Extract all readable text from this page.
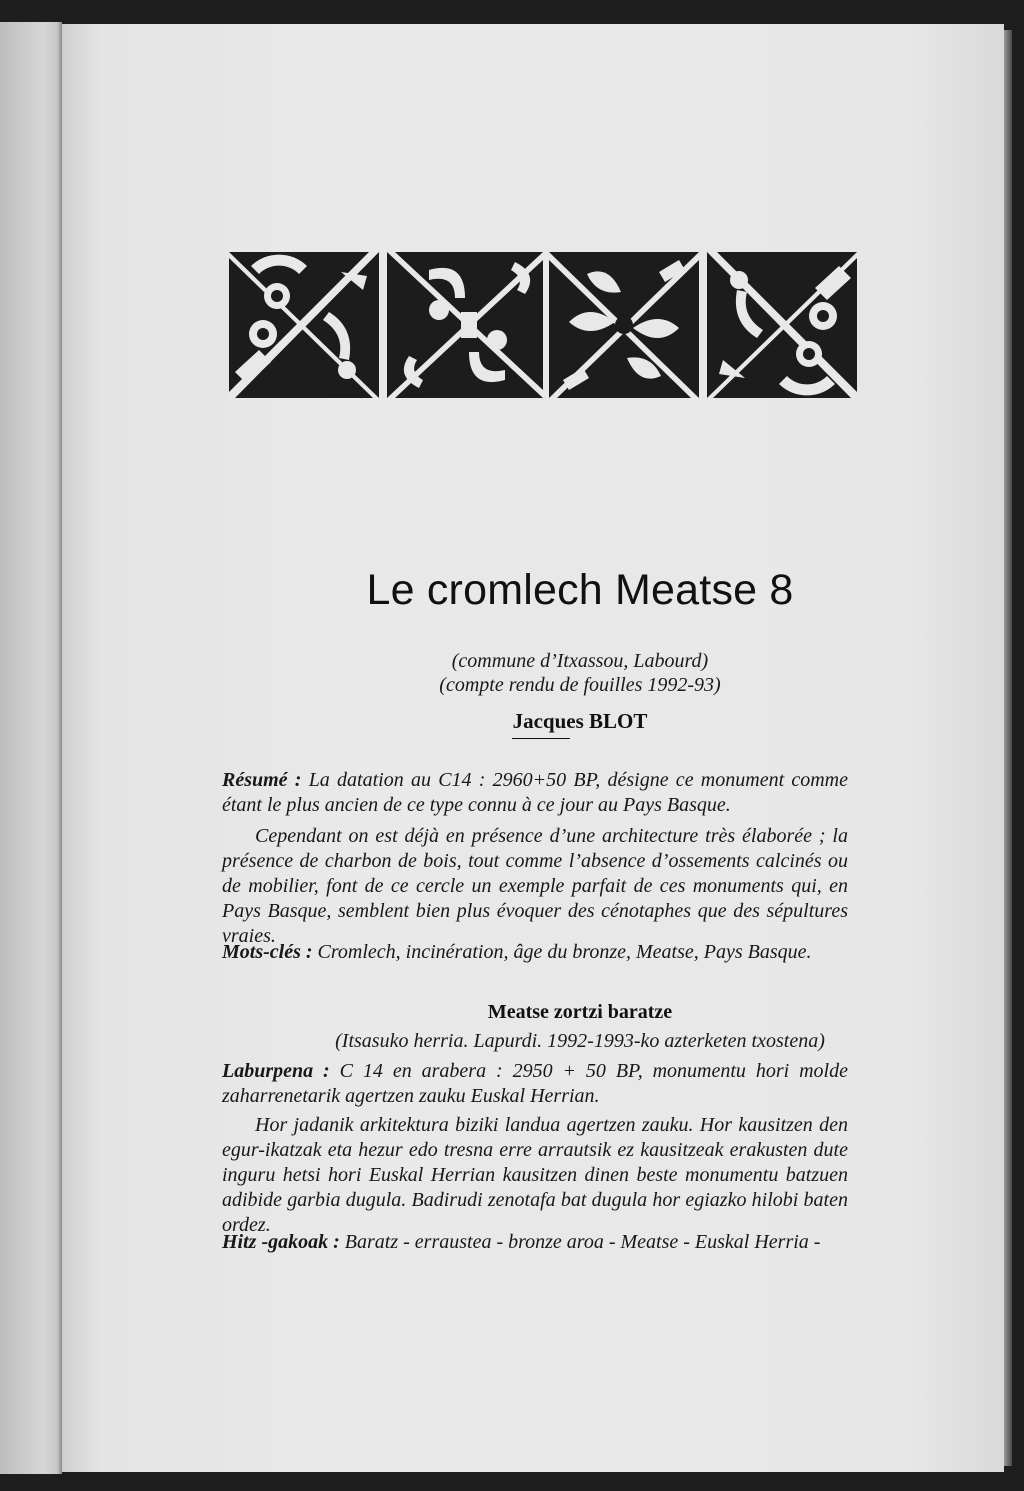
Le cromlech Meatse 8
(commune d’Itxassou, Labourd)
(compte rendu de fouilles 1992-93)
Jacques BLOT
Résumé : La datation au C14 : 2960+50 BP, désigne ce monument comme étant le plus ancien de ce type connu à ce jour au Pays Basque.
Cependant on est déjà en présence d’une architecture très élaborée ; la présence de charbon de bois, tout comme l’absence d’ossements calcinés ou de mobilier, font de ce cercle un exemple parfait de ces monuments qui, en Pays Basque, semblent bien plus évoquer des cénotaphes que des sépultures vraies.
Mots-clés : Cromlech, incinération, âge du bronze, Meatse, Pays Basque.
Meatse zortzi baratze
(Itsasuko herria. Lapurdi. 1992-1993-ko azterketen txostena)
Laburpena : C 14 en arabera : 2950 + 50 BP, monumentu hori molde zaharrenetarik agertzen zauku Euskal Herrian.
Hor jadanik arkitektura biziki landua agertzen zauku. Hor kausitzen den egur-ikatzak eta hezur edo tresna erre arrautsik ez kausitzeak erakusten dute inguru hetsi hori Euskal Herrian kausitzen dinen beste monumentu batzuen adibide garbia dugula. Badirudi zenotafa bat dugula hor egiazko hilobi baten ordez.
Hitz -gakoak : Baratz - erraustea - bronze aroa - Meatse - Euskal Herria -
